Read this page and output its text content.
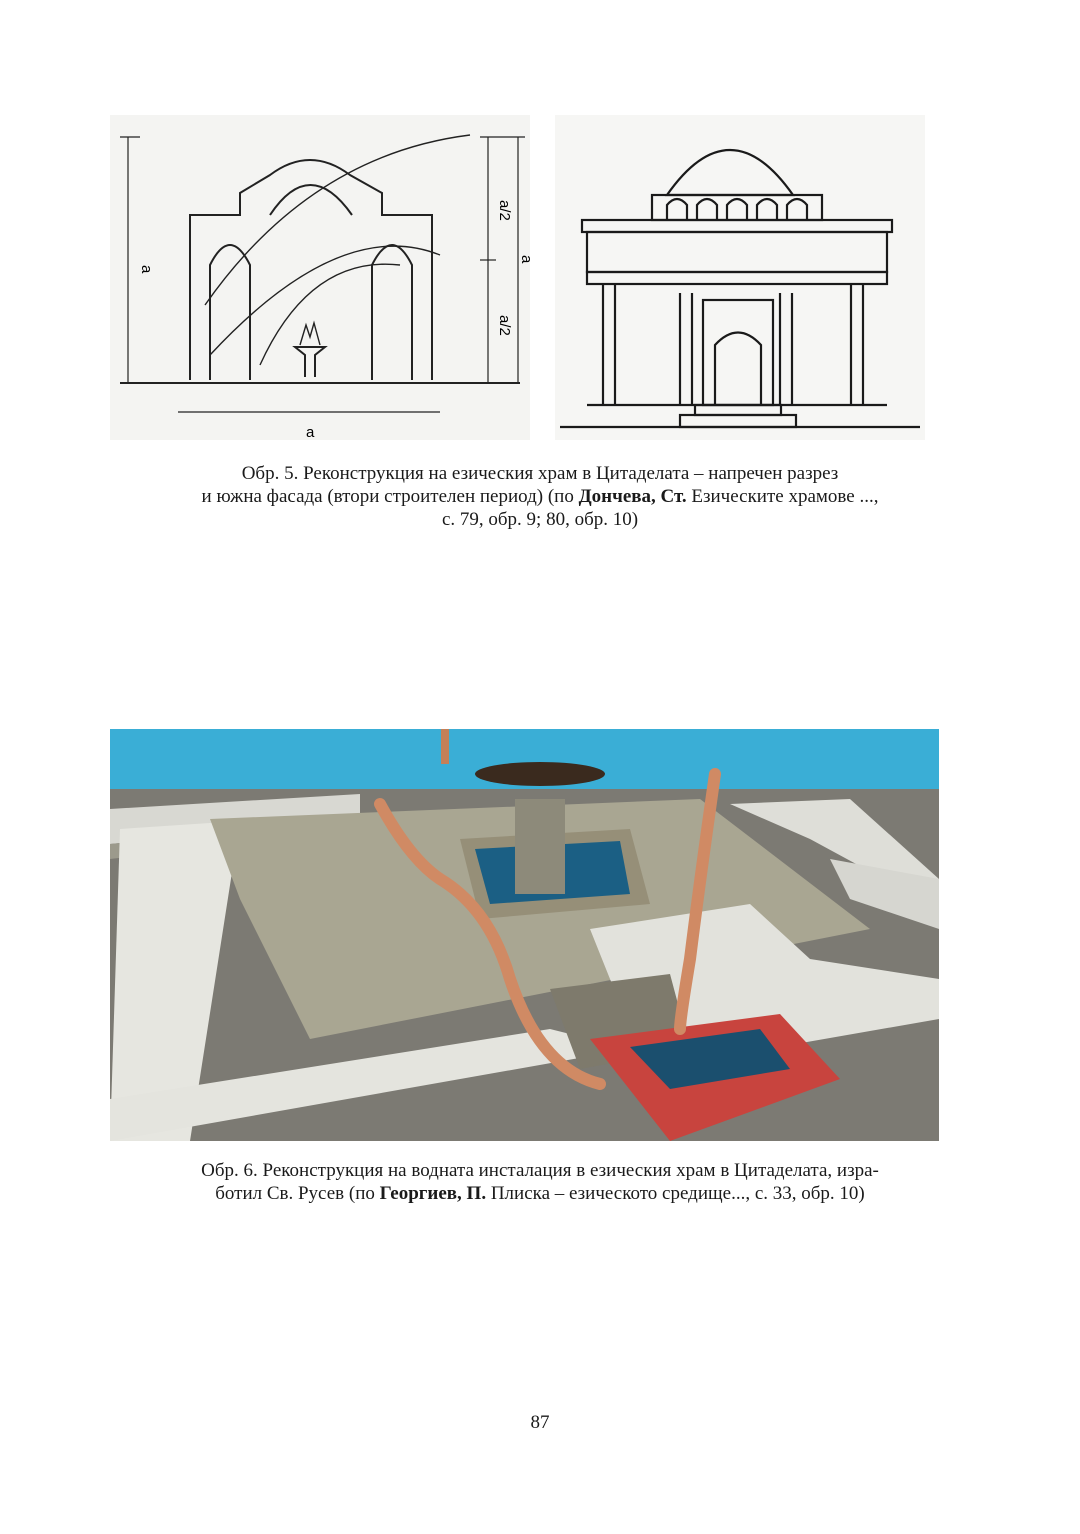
a
a/2
a/2
a
a
Обр. 5. Реконструкция на езическия храм в Цитаделата – напречен разрез
и южна фасада (втори строителен период) (по Дончева, Ст. Езическите храмове ...,
с. 79, обр. 9; 80, обр. 10)
Обр. 6. Реконструкция на водната инсталация в езическия храм в Цитаделата, изра-
ботил Св. Русев (по Георгиев, П. Плиска – езическото средище..., с. 33, обр. 10)
87
